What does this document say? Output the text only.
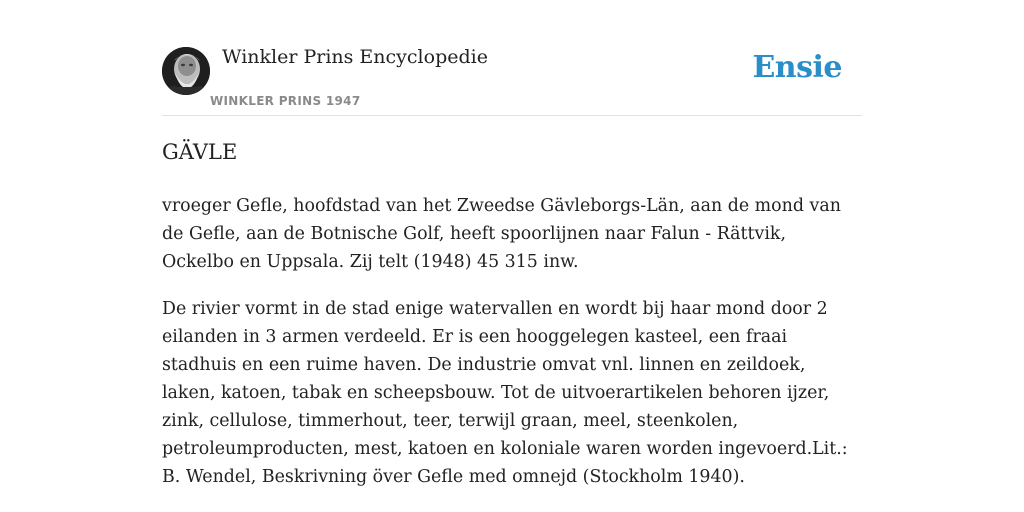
Winkler Prins Encyclopedie
WINKLER PRINS 1947
Ensie
GÄVLE

vroeger Gefle, hoofdstad van het Zweedse Gävleborgs-Län, aan de mond van de Gefle, aan de Botnische Golf, heeft spoorlijnen naar Falun - Rättvik, Ockelbo en Uppsala. Zij telt (1948) 45 315 inw.

De rivier vormt in de stad enige watervallen en wordt bij haar mond door 2 eilanden in 3 armen verdeeld. Er is een hooggelegen kasteel, een fraai stadhuis en een ruime haven. De industrie omvat vnl. linnen en zeildoek, laken, katoen, tabak en scheepsbouw. Tot de uitvoerartikelen behoren ijzer, zink, cellulose, timmerhout, teer, terwijl graan, meel, steenkolen, petroleumproducten, mest, katoen en koloniale waren worden ingevoerd.Lit.: B. Wendel, Beskrivning över Gefle med omnejd (Stockholm 1940).
